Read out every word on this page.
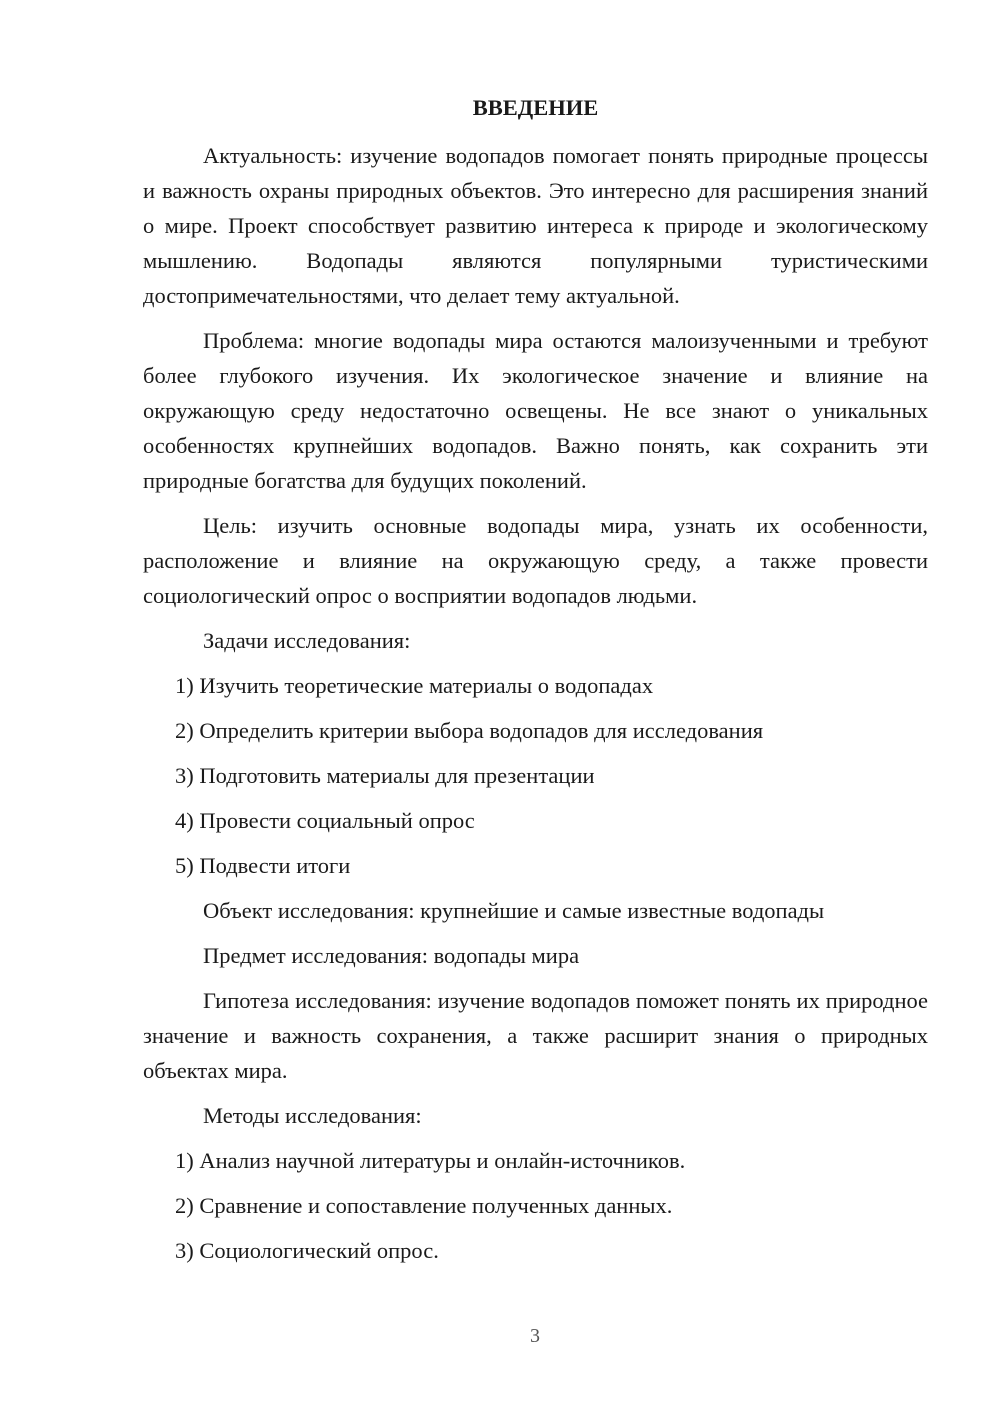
ВВЕДЕНИЕ

Актуальность: изучение водопадов помогает понять природные процессы и важность охраны природных объектов. Это интересно для расширения знаний о мире. Проект способствует развитию интереса к природе и экологическому мышлению. Водопады являются популярными туристическими достопримечательностями, что делает тему актуальной.

Проблема: многие водопады мира остаются малоизученными и требуют более глубокого изучения. Их экологическое значение и влияние на окружающую среду недостаточно освещены. Не все знают о уникальных особенностях крупнейших водопадов. Важно понять, как сохранить эти природные богатства для будущих поколений.

Цель: изучить основные водопады мира, узнать их особенности, расположение и влияние на окружающую среду, а также провести социологический опрос о восприятии водопадов людьми.

Задачи исследования:
1) Изучить теоретические материалы о водопадах
2) Определить критерии выбора водопадов для исследования
3) Подготовить материалы для презентации
4) Провести социальный опрос
5) Подвести итоги
Объект исследования: крупнейшие и самые известные водопады
Предмет исследования: водопады мира

Гипотеза исследования: изучение водопадов поможет понять их природное значение и важность сохранения, а также расширит знания о природных объектах мира.

Методы исследования:
1) Анализ научной литературы и онлайн-источников.
2) Сравнение и сопоставление полученных данных.
3) Социологический опрос.
3
